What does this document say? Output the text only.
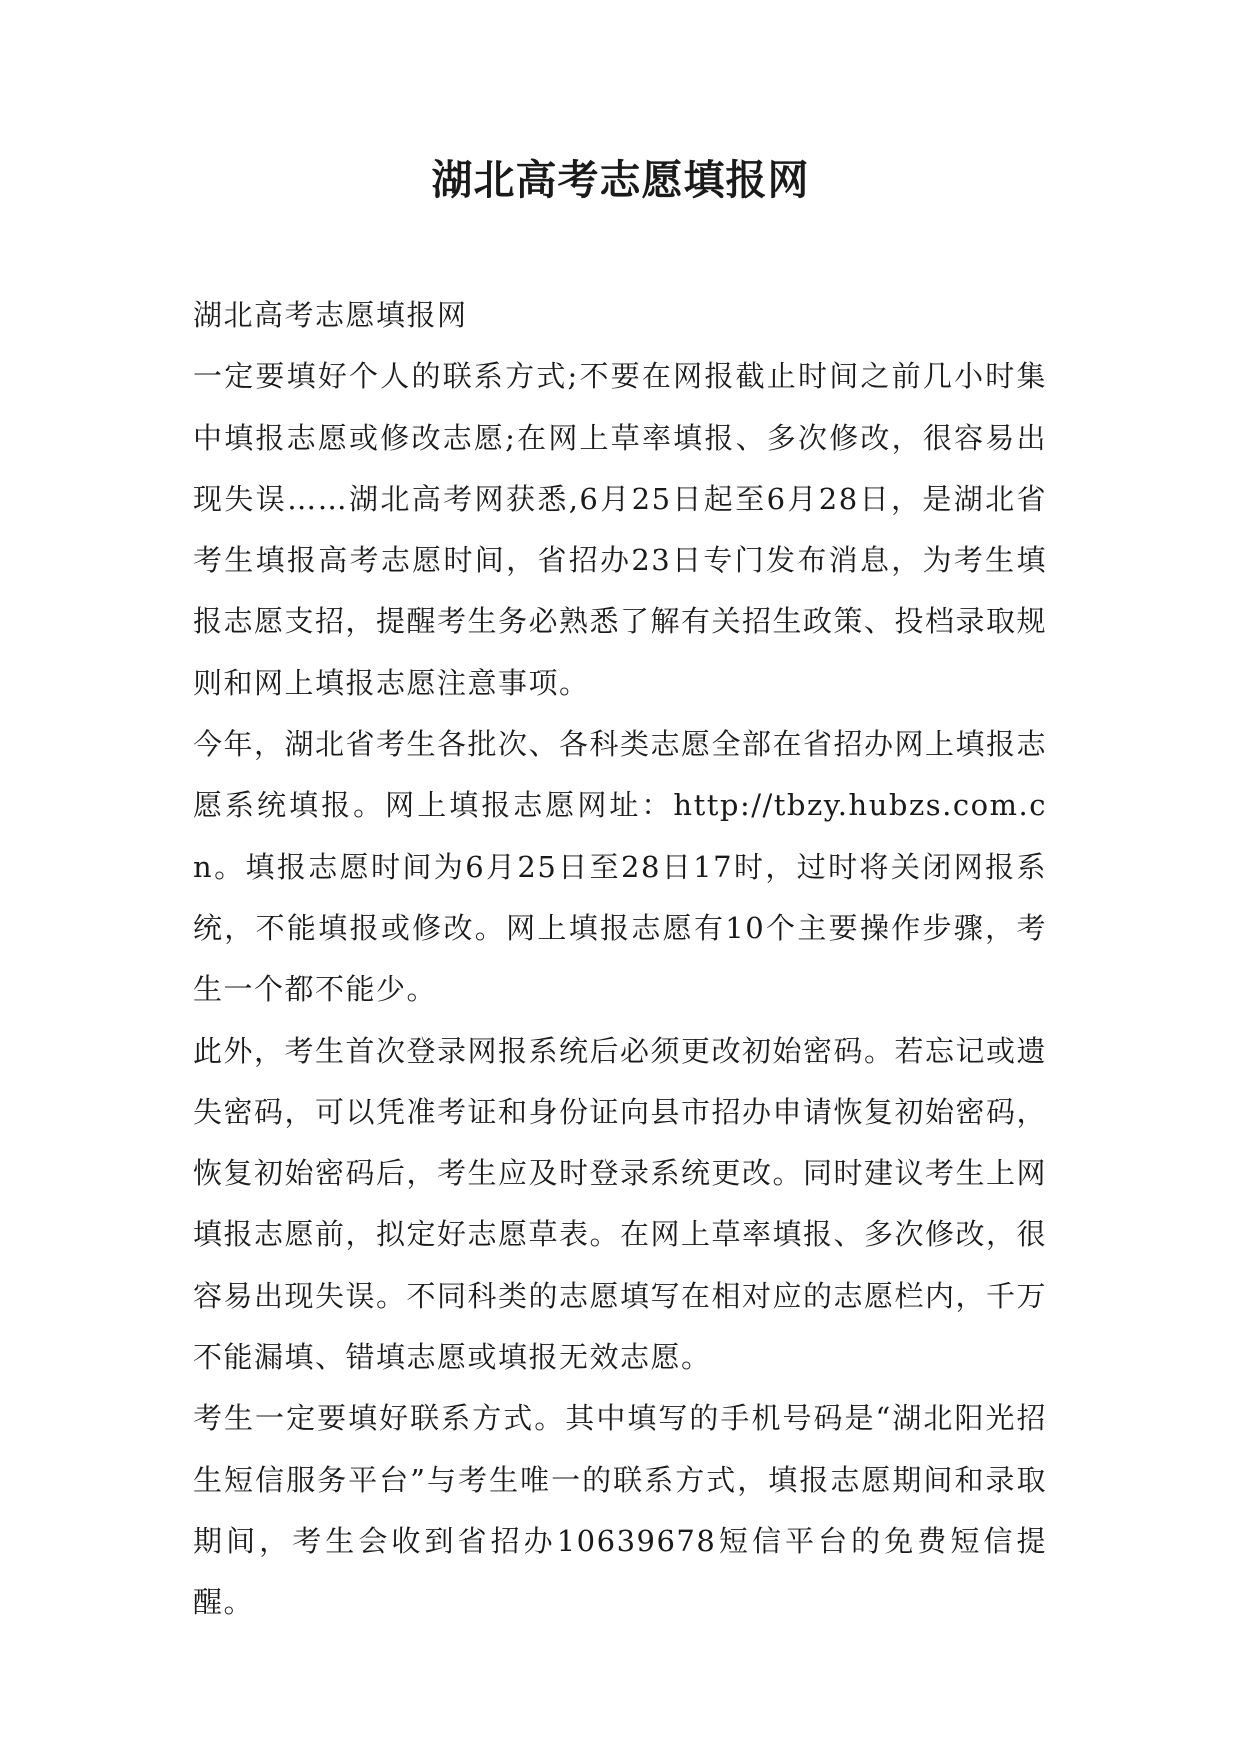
湖北高考志愿填报网

湖北高考志愿填报网

一定要填好个人的联系方式;不要在网报截止时间之前几小时集中填报志愿或修改志愿;在网上草率填报、多次修改，很容易出现失误……湖北高考网获悉,6月25日起至6月28日，是湖北省考生填报高考志愿时间，省招办23日专门发布消息，为考生填报志愿支招，提醒考生务必熟悉了解有关招生政策、投档录取规则和网上填报志愿注意事项。

今年，湖北省考生各批次、各科类志愿全部在省招办网上填报志愿系统填报。网上填报志愿网址：http://tbzy.hubzs.com.cn。填报志愿时间为6月25日至28日17时，过时将关闭网报系统，不能填报或修改。网上填报志愿有10个主要操作步骤，考生一个都不能少。

此外，考生首次登录网报系统后必须更改初始密码。若忘记或遗失密码，可以凭准考证和身份证向县市招办申请恢复初始密码，恢复初始密码后，考生应及时登录系统更改。同时建议考生上网填报志愿前，拟定好志愿草表。在网上草率填报、多次修改，很容易出现失误。不同科类的志愿填写在相对应的志愿栏内，千万不能漏填、错填志愿或填报无效志愿。

考生一定要填好联系方式。其中填写的手机号码是“湖北阳光招生短信服务平台”与考生唯一的联系方式，填报志愿期间和录取期间，考生会收到省招办10639678短信平台的免费短信提醒。
